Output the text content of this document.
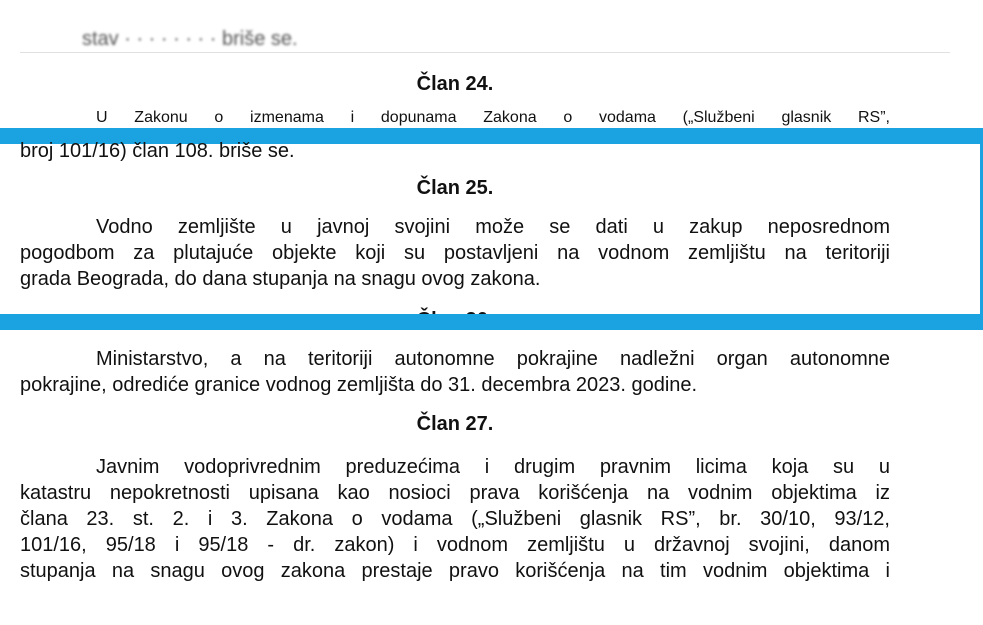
stav · · · · · · · · briše se.
Član 24.
U Zakonu o izmenama i dopunama Zakona o vodama („Službeni glasnik RS”,
Član 25.
Vodno zemljište u javnoj svojini može se dati u zakup neposrednom
pogodbom za plutajuće objekte koji su postavljeni na vodnom zemljištu na teritoriji
grada Beograda, do dana stupanja na snagu ovog zakona.
Ministarstvo, a na teritoriji autonomne pokrajine nadležni organ autonomne
pokrajine, odrediće granice vodnog zemljišta do 31. decembra 2023. godine.
Član 27.
Javnim vodoprivrednim preduzećima i drugim pravnim licima koja su u
katastru nepokretnosti upisana kao nosioci prava korišćenja na vodnim objektima iz
člana 23. st. 2. i 3. Zakona o vodama („Službeni glasnik RS”, br. 30/10, 93/12,
101/16, 95/18 i 95/18 - dr. zakon) i vodnom zemljištu u državnoj svojini, danom
stupanja na snagu ovog zakona prestaje pravo korišćenja na tim vodnim objektima i
broj 101/16) član 108. briše se.
